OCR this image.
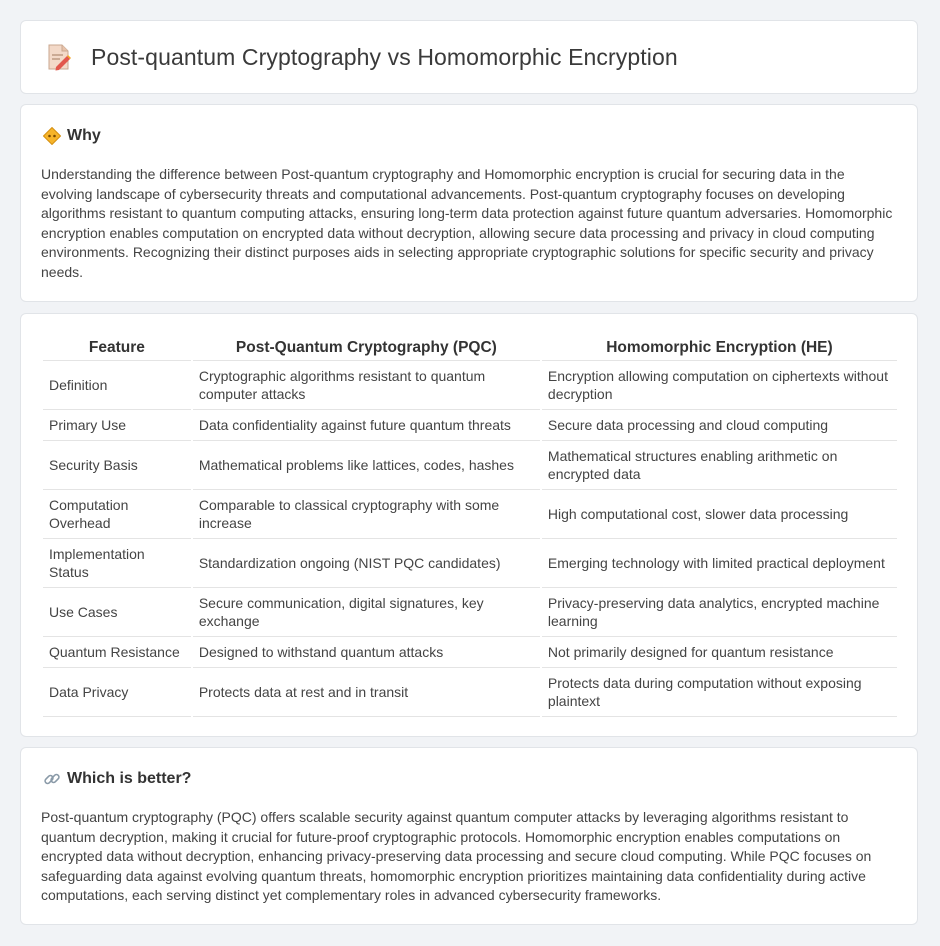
Post-quantum Cryptography vs Homomorphic Encryption
Why
Understanding the difference between Post-quantum cryptography and Homomorphic encryption is crucial for securing data in the evolving landscape of cybersecurity threats and computational advancements. Post-quantum cryptography focuses on developing algorithms resistant to quantum computing attacks, ensuring long-term data protection against future quantum adversaries. Homomorphic encryption enables computation on encrypted data without decryption, allowing secure data processing and privacy in cloud computing environments. Recognizing their distinct purposes aids in selecting appropriate cryptographic solutions for specific security and privacy needs.
Feature	Post-Quantum Cryptography (PQC)	Homomorphic Encryption (HE)
Definition	Cryptographic algorithms resistant to quantum computer attacks	Encryption allowing computation on ciphertexts without decryption
Primary Use	Data confidentiality against future quantum threats	Secure data processing and cloud computing
Security Basis	Mathematical problems like lattices, codes, hashes	Mathematical structures enabling arithmetic on encrypted data
Computation Overhead	Comparable to classical cryptography with some increase	High computational cost, slower data processing
Implementation Status	Standardization ongoing (NIST PQC candidates)	Emerging technology with limited practical deployment
Use Cases	Secure communication, digital signatures, key exchange	Privacy-preserving data analytics, encrypted machine learning
Quantum Resistance	Designed to withstand quantum attacks	Not primarily designed for quantum resistance
Data Privacy	Protects data at rest and in transit	Protects data during computation without exposing plaintext
Which is better?
Post-quantum cryptography (PQC) offers scalable security against quantum computer attacks by leveraging algorithms resistant to quantum decryption, making it crucial for future-proof cryptographic protocols. Homomorphic encryption enables computations on encrypted data without decryption, enhancing privacy-preserving data processing and secure cloud computing. While PQC focuses on safeguarding data against evolving quantum threats, homomorphic encryption prioritizes maintaining data confidentiality during active computations, each serving distinct yet complementary roles in advanced cybersecurity frameworks.
